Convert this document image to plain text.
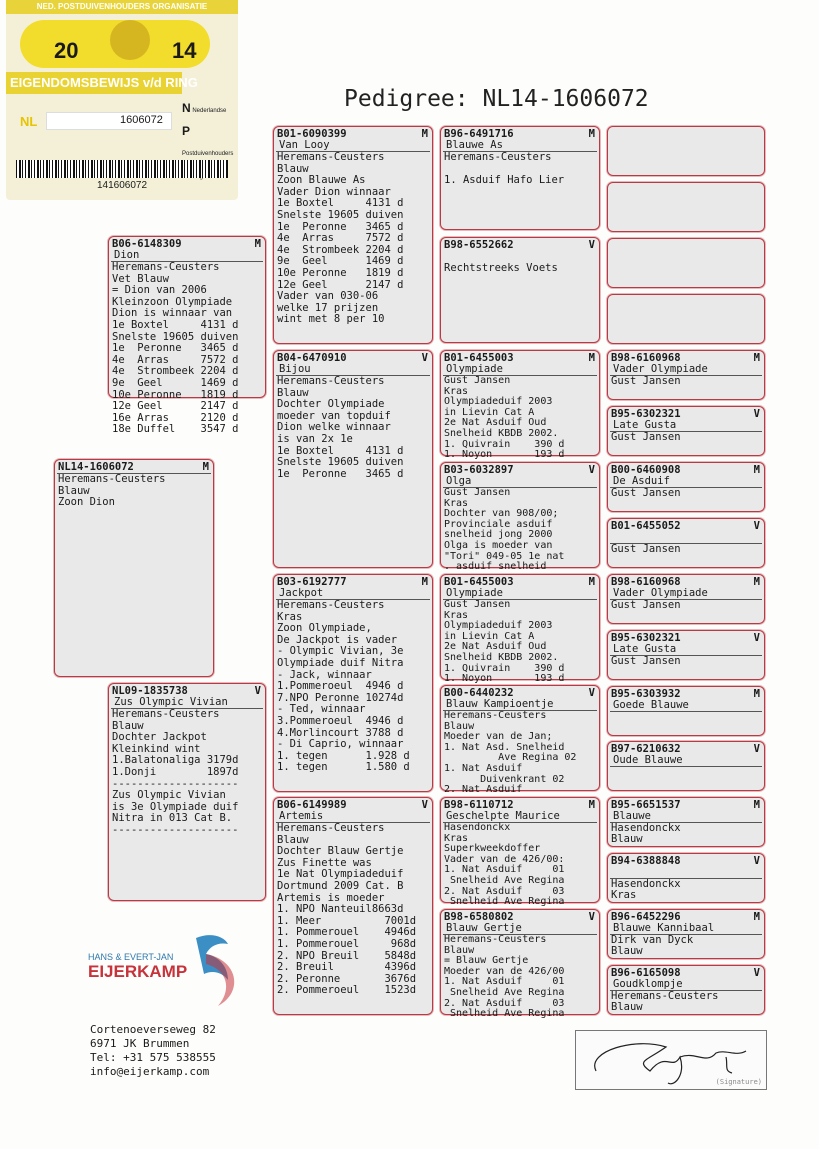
NED. POSTDUIVENHOUDERS ORGANISATIE
20	14
EIGENDOMSBEWIJS v/d RING
NL	1606072
N Nederlandse
P Postduivenhouders
141606072
Pedigree: NL14-1606072
NL14-1606072	M
Heremans-Ceusters
Blauw
Zoon Dion
B06-6148309	M
Dion
Heremans-Ceusters
Vet Blauw
= Dion van 2006
Kleinzoon Olympiade
Dion is winnaar van
1e Boxtel     4131 d
Snelste 19605 duiven
1e  Peronne   3465 d
4e  Arras     7572 d
4e  Strombeek 2204 d
9e  Geel      1469 d
10e Peronne   1819 d
12e Geel      2147 d
16e Arras     2120 d
18e Duffel    3547 d
NL09-1835738	V
Zus Olympic Vivian
Heremans-Ceusters
Blauw
Dochter Jackpot
Kleinkind wint
1.Balatonaliga 3179d
1.Donji        1897d
--------------------
Zus Olympic Vivian
is 3e Olympiade duif
Nitra in 013 Cat B.
--------------------
B01-6090399	M
Van Looy
Heremans-Ceusters
Blauw
Zoon Blauwe As
Vader Dion winnaar
1e Boxtel     4131 d
Snelste 19605 duiven
1e  Peronne   3465 d
4e  Arras     7572 d
4e  Strombeek 2204 d
9e  Geel      1469 d
10e Peronne   1819 d
12e Geel      2147 d
Vader van 030-06
welke 17 prijzen
wint met 8 per 10
B04-6470910	V
Bijou
Heremans-Ceusters
Blauw
Dochter Olympiade
moeder van topduif
Dion welke winnaar
is van 2x 1e
1e Boxtel     4131 d
Snelste 19605 duiven
1e  Peronne   3465 d
B03-6192777	M
Jackpot
Heremans-Ceusters
Kras
Zoon Olympiade,
De Jackpot is vader
- Olympic Vivian, 3e
Olympiade duif Nitra
- Jack, winnaar
1.Pommeroeul  4946 d
7.NPO Peronne 10274d
- Ted, winnaar
3.Pommeroeul  4946 d
4.Morlincourt 3788 d
- Di Caprio, winnaar
1. tegen      1.928 d
1. tegen      1.580 d
B06-6149989	V
Artemis
Heremans-Ceusters
Blauw
Dochter Blauw Gertje
Zus Finette was
1e Nat Olympiadeduif
Dortmund 2009 Cat. B
Artemis is moeder
1. NPO Nanteuil8663d
1. Meer          7001d
1. Pommerouel    4946d
1. Pommerouel     968d
2. NPO Breuil    5848d
2. Breuil        4396d
2. Peronne       3676d
2. Pommeroeul    1523d
B96-6491716	M
Blauwe As
Heremans-Ceusters

1. Asduif Hafo Lier
B98-6552662	V

Rechtstreeks Voets
B01-6455003	M
Olympiade
Gust Jansen
Kras
Olympiadeduif 2003
in Lievin Cat A
2e Nat Asduif Oud
Snelheid KBDB 2002.
1. Quivrain    390 d
1. Noyon       193 d
B03-6032897	V
Olga
Gust Jansen
Kras
Dochter van 908/00;
Provinciale asduif
snelheid jong 2000
Olga is moeder van
"Tori" 049-05 1e nat
. asduif snelheid
B01-6455003	M
Olympiade
Gust Jansen
Kras
Olympiadeduif 2003
in Lievin Cat A
2e Nat Asduif Oud
Snelheid KBDB 2002.
1. Quivrain    390 d
1. Noyon       193 d
B00-6440232	V
Blauw Kampioentje
Heremans-Ceusters
Blauw
Moeder van de Jan;
1. Nat Asd. Snelheid
Ave Regina 02
1. Nat Asduif
Duivenkrant 02
2. Nat Asduif
B98-6110712	M
Geschelpte Maurice
Hasendonckx
Kras
Superkweekdoffer
Vader van de 426/00:
1. Nat Asduif     01
Snelheid Ave Regina
2. Nat Asduif     03
Snelheid Ave Regina
B98-6580802	V
Blauw Gertje
Heremans-Ceusters
Blauw
= Blauw Gertje
Moeder van de 426/00
1. Nat Asduif     01
Snelheid Ave Regina
2. Nat Asduif     03
Snelheid Ave Regina
B98-6160968	M
Vader Olympiade
Gust Jansen
B95-6302321	V
Late Gusta
Gust Jansen
B00-6460908	M
De Asduif
Gust Jansen
B01-6455052	V
Gust Jansen
B98-6160968	M
Vader Olympiade
Gust Jansen
B95-6302321	V
Late Gusta
Gust Jansen
B95-6303932	M
Goede Blauwe
B97-6210632	V
Oude Blauwe
B95-6651537	M
Blauwe
Hasendonckx
Blauw
B94-6388848	V
Hasendonckx
Kras
B96-6452296	M
Blauwe Kannibaal
Dirk van Dyck
Blauw
B96-6165098	V
Goudklompje
Heremans-Ceusters
Blauw
HANS & EVERT-JAN
EIJERKAMP
Cortenoeverseweg 82
6971 JK Brummen
Tel: +31 575 538555
info@eijerkamp.com
(Signature)
